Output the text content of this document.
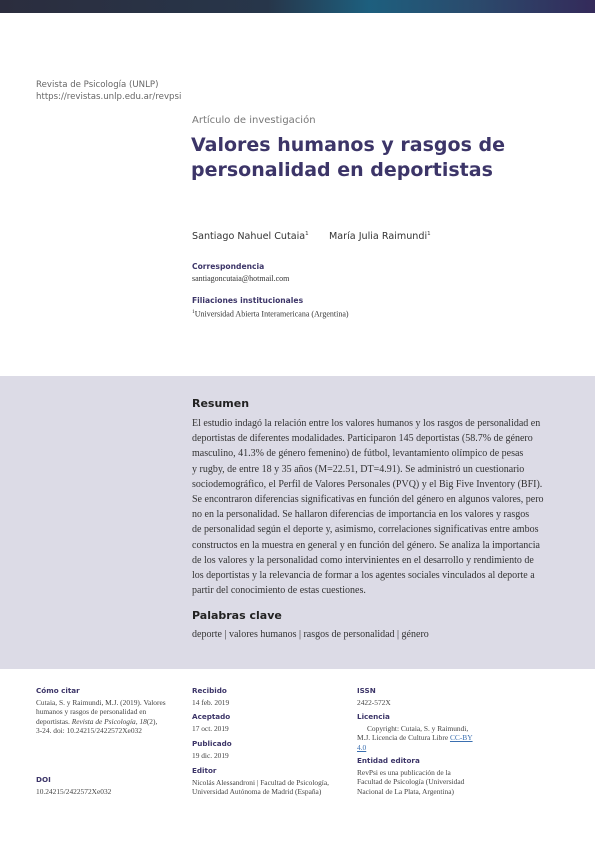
Revista de Psicología (UNLP)
https://revistas.unlp.edu.ar/revpsi
Artículo de investigación
Valores humanos y rasgos de
personalidad en deportistas
Santiago Nahuel Cutaia$^1$ María Julia Raimundi$^1$
Correspondencia
santiagoncutaia@hotmail.com
Filiaciones institucionales
$^1$Universidad Abierta Interamericana (Argentina)
Resumen
El estudio indagó la relación entre los valores humanos y los rasgos de personalidad en
deportistas de diferentes modalidades. Participaron 145 deportistas (58.7% de género
masculino, 41.3% de género femenino) de fútbol, levantamiento olímpico de pesas
y rugby, de entre 18 y 35 años (M=22.51, DT=4.91). Se administró un cuestionario
sociodemográfico, el Perfil de Valores Personales (PVQ) y el Big Five Inventory (BFI).
Se encontraron diferencias significativas en función del género en algunos valores, pero
no en la personalidad. Se hallaron diferencias de importancia en los valores y rasgos
de personalidad según el deporte y, asimismo, correlaciones significativas entre ambos
constructos en la muestra en general y en función del género. Se analiza la importancia
de los valores y la personalidad como intervinientes en el desarrollo y rendimiento de
los deportistas y la relevancia de formar a los agentes sociales vinculados al deporte a
partir del conocimiento de estas cuestiones.
Palabras clave
deporte | valores humanos | rasgos de personalidad | género
Cómo citar
Cutaia, S. y Raimundi, M.J. (2019). Valores
humanos y rasgos de personalidad en
deportistas. Revista de Psicología, 18(2),
3-24. doi: 10.24215/2422572Xe032
DOI
10.24215/2422572Xe032
Recibido
14 feb. 2019
Aceptado
17 oct. 2019
Publicado
19 dic. 2019
Editor
Nicolás Alessandroni | Facultad de Psicología,
Universidad Autónoma de Madrid (España)
ISSN
2422-572X
Licencia
Copyright: Cutaia, S. y Raimundi,
M.J. Licencia de Cultura Libre CC-BY
4.0
Entidad editora
RevPsi es una publicación de la
Facultad de Psicología (Universidad
Nacional de La Plata, Argentina)
